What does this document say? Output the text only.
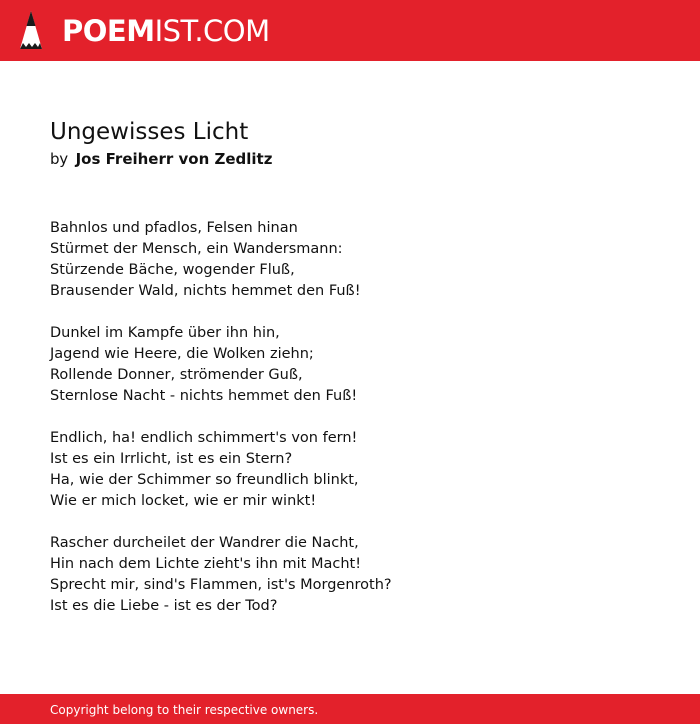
POEMIST.COM
Ungewisses Licht
by Jos Freiherr von Zedlitz
Bahnlos und pfadlos, Felsen hinan
Stürmet der Mensch, ein Wandersmann:
Stürzende Bäche, wogender Fluß,
Brausender Wald, nichts hemmet den Fuß!
Dunkel im Kampfe über ihn hin,
Jagend wie Heere, die Wolken ziehn;
Rollende Donner, strömender Guß,
Sternlose Nacht - nichts hemmet den Fuß!
Endlich, ha! endlich schimmert's von fern!
Ist es ein Irrlicht, ist es ein Stern?
Ha, wie der Schimmer so freundlich blinkt,
Wie er mich locket, wie er mir winkt!
Rascher durcheilet der Wandrer die Nacht,
Hin nach dem Lichte zieht's ihn mit Macht!
Sprecht mir, sind's Flammen, ist's Morgenroth?
Ist es die Liebe - ist es der Tod?
Copyright belong to their respective owners.
